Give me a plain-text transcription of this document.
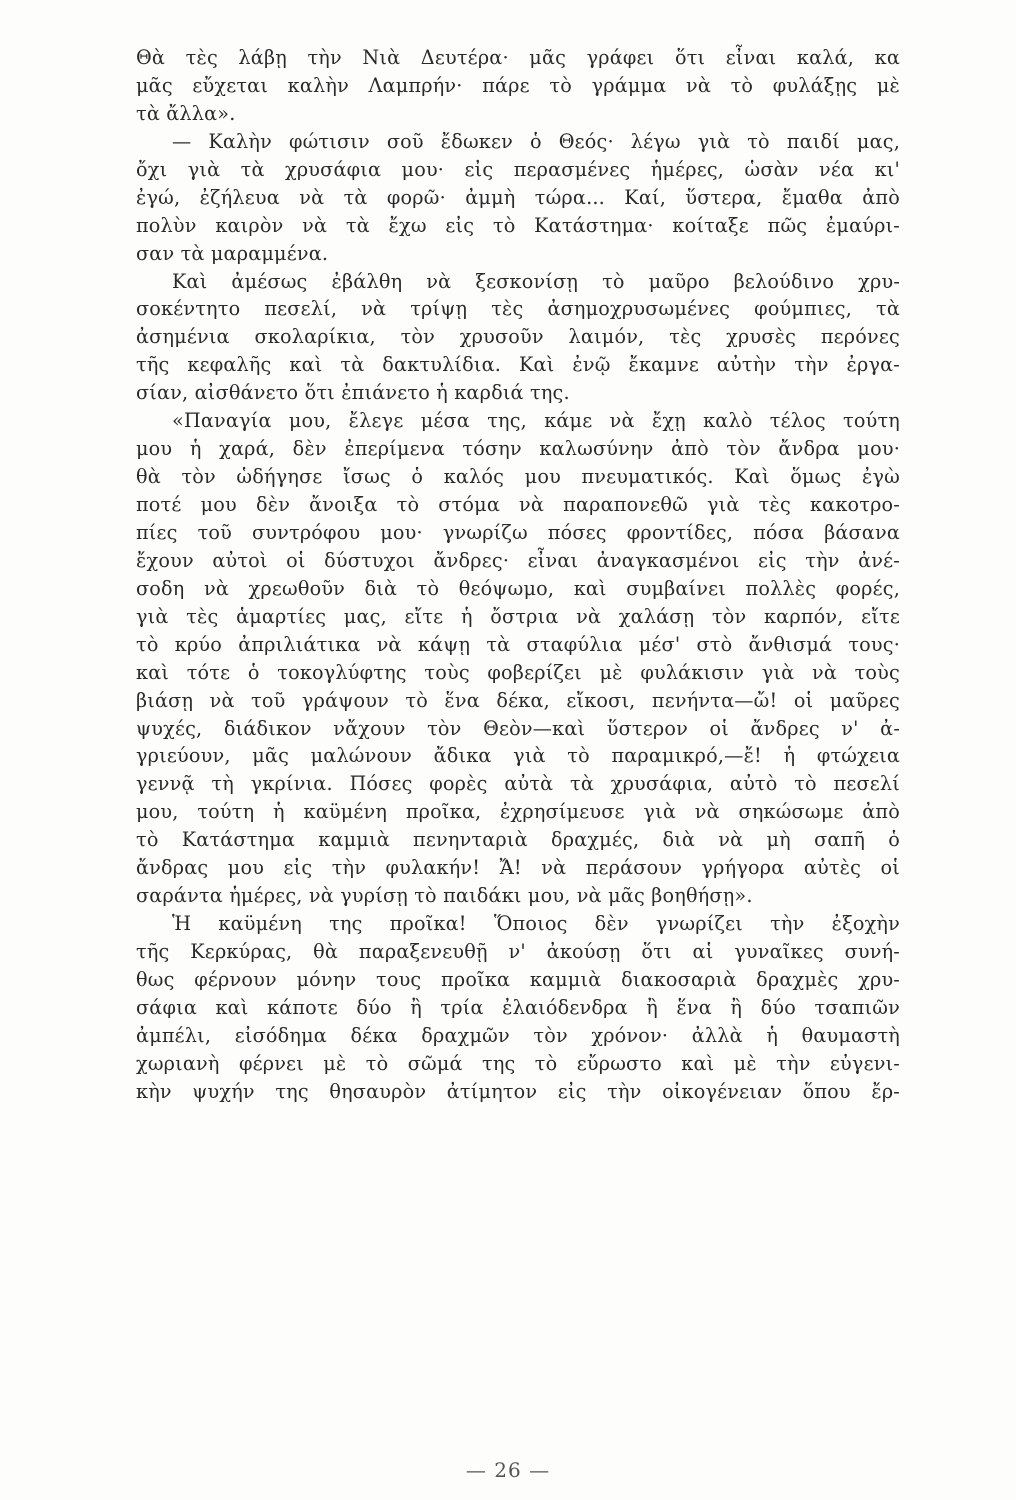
Θὰ τὲς λάβῃ τὴν Νιὰ Δευτέρα· μᾶς γράφει ὅτι εἶναι καλά, κα
μᾶς εὔχεται καλὴν Λαμπρήν· πάρε τὸ γράμμα νὰ τὸ φυλάξῃς μὲ
τὰ ἄλλα».
— Καλὴν φώτισιν σοῦ ἔδωκεν ὁ Θεός· λέγω γιὰ τὸ παιδί μας,
ὄχι γιὰ τὰ χρυσάφια μου· εἰς περασμένες ἡμέρες, ὡσὰν νέα κι'
ἐγώ, ἐζήλευα νὰ τὰ φορῶ· ἀμμὴ τώρα... Καί, ὕστερα, ἔμαθα ἀπὸ
πολὺν καιρὸν νὰ τὰ ἔχω εἰς τὸ Κατάστημα· κοίταξε πῶς ἐμαύρι-
σαν τὰ μαραμμένα.
Καὶ ἀμέσως ἐβάλθη νὰ ξεσκονίσῃ τὸ μαῦρο βελούδινο χρυ-
σοκέντητο πεσελί, νὰ τρίψῃ τὲς ἀσημοχρυσωμένες φούμπιες, τὰ
ἀσημένια σκολαρίκια, τὸν χρυσοῦν λαιμόν, τὲς χρυσὲς περόνες
τῆς κεφαλῆς καὶ τὰ δακτυλίδια. Καὶ ἐνῷ ἔκαμνε αὐτὴν τὴν ἐργα-
σίαν, αἰσθάνετο ὅτι ἐπιάνετο ἡ καρδιά της.
«Παναγία μου, ἔλεγε μέσα της, κάμε νὰ ἔχῃ καλὸ τέλος τούτη
μου ἡ χαρά, δὲν ἐπερίμενα τόσην καλωσύνην ἀπὸ τὸν ἄνδρα μου·
θὰ τὸν ὡδήγησε ἴσως ὁ καλός μου πνευματικός. Καὶ ὅμως ἐγὼ
ποτέ μου δὲν ἄνοιξα τὸ στόμα νὰ παραπονεθῶ γιὰ τὲς κακοτρο-
πίες τοῦ συντρόφου μου· γνωρίζω πόσες φροντίδες, πόσα βάσανα
ἔχουν αὐτοὶ οἱ δύστυχοι ἄνδρες· εἶναι ἀναγκασμένοι εἰς τὴν ἀνέ-
σοδη νὰ χρεωθοῦν διὰ τὸ θεόψωμο, καὶ συμβαίνει πολλὲς φορές,
γιὰ τὲς ἁμαρτίες μας, εἴτε ἡ ὄστρια νὰ χαλάσῃ τὸν καρπόν, εἴτε
τὸ κρύο ἀπριλιάτικα νὰ κάψῃ τὰ σταφύλια μέσ' στὸ ἄνθισμά τους·
καὶ τότε ὁ τοκογλύφτης τοὺς φοβερίζει μὲ φυλάκισιν γιὰ νὰ τοὺς
βιάσῃ νὰ τοῦ γράψουν τὸ ἕνα δέκα, εἴκοσι, πενήντα—ὤ! οἱ μαῦρες
ψυχές, διάδικον νἄχουν τὸν Θεὸν—καὶ ὕστερον οἱ ἄνδρες ν' ἀ-
γριεύουν, μᾶς μαλώνουν ἄδικα γιὰ τὸ παραμικρό,—ἔ! ἡ φτώχεια
γεννᾷ τὴ γκρίνια. Πόσες φορὲς αὐτὰ τὰ χρυσάφια, αὐτὸ τὸ πεσελί
μου, τούτη ἡ καϋμένη προῖκα, ἐχρησίμευσε γιὰ νὰ σηκώσωμε ἀπὸ
τὸ Κατάστημα καμμιὰ πενηνταριὰ δραχμές, διὰ νὰ μὴ σαπῆ ὁ
ἄνδρας μου εἰς τὴν φυλακήν! Ἄ! νὰ περάσουν γρήγορα αὐτὲς οἱ
σαράντα ἡμέρες, νὰ γυρίσῃ τὸ παιδάκι μου, νὰ μᾶς βοηθήσῃ».
Ἡ καϋμένη της προῖκα! Ὅποιος δὲν γνωρίζει τὴν ἐξοχὴν
τῆς Κερκύρας, θὰ παραξενευθῇ ν' ἀκούσῃ ὅτι αἱ γυναῖκες συνή-
θως φέρνουν μόνην τους προῖκα καμμιὰ διακοσαριὰ δραχμὲς χρυ-
σάφια καὶ κάποτε δύο ἢ τρία ἐλαιόδενδρα ἢ ἕνα ἢ δύο τσαπιῶν
ἀμπέλι, εἰσόδημα δέκα δραχμῶν τὸν χρόνον· ἀλλὰ ἡ θαυμαστὴ
χωριανὴ φέρνει μὲ τὸ σῶμά της τὸ εὔρωστο καὶ μὲ τὴν εὐγενι-
κὴν ψυχήν της θησαυρὸν ἀτίμητον εἰς τὴν οἰκογένειαν ὅπου ἔρ-
— 26 —
